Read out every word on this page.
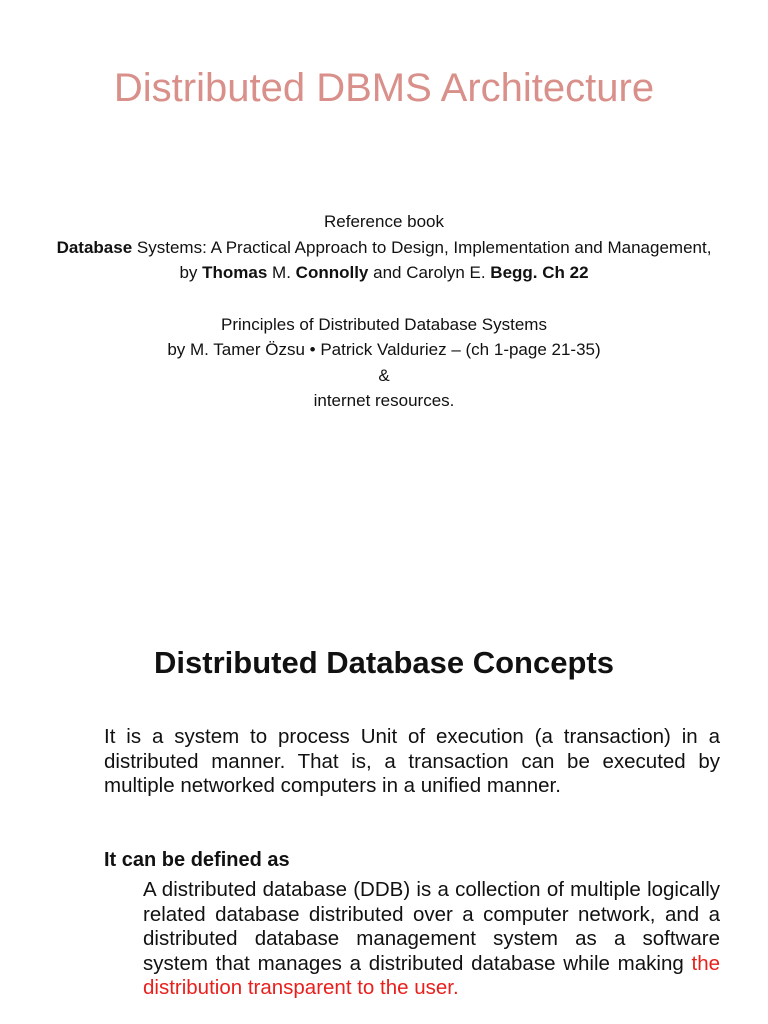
Distributed DBMS Architecture
Reference book
Database Systems: A Practical Approach to Design, Implementation and Management,
by Thomas M. Connolly and Carolyn E. Begg. Ch 22
Principles of Distributed Database Systems
by M. Tamer Özsu • Patrick Valduriez – (ch 1-page 21-35)
&
internet resources.
Distributed Database Concepts

It is a system to process Unit of execution (a transaction) in a distributed manner. That is, a transaction can be executed by multiple networked computers in a unified manner.

It can be defined as

A distributed database (DDB) is a collection of multiple logically related database distributed over a computer network, and a distributed database management system as a software system that manages a distributed database while making the distribution transparent to the user.
